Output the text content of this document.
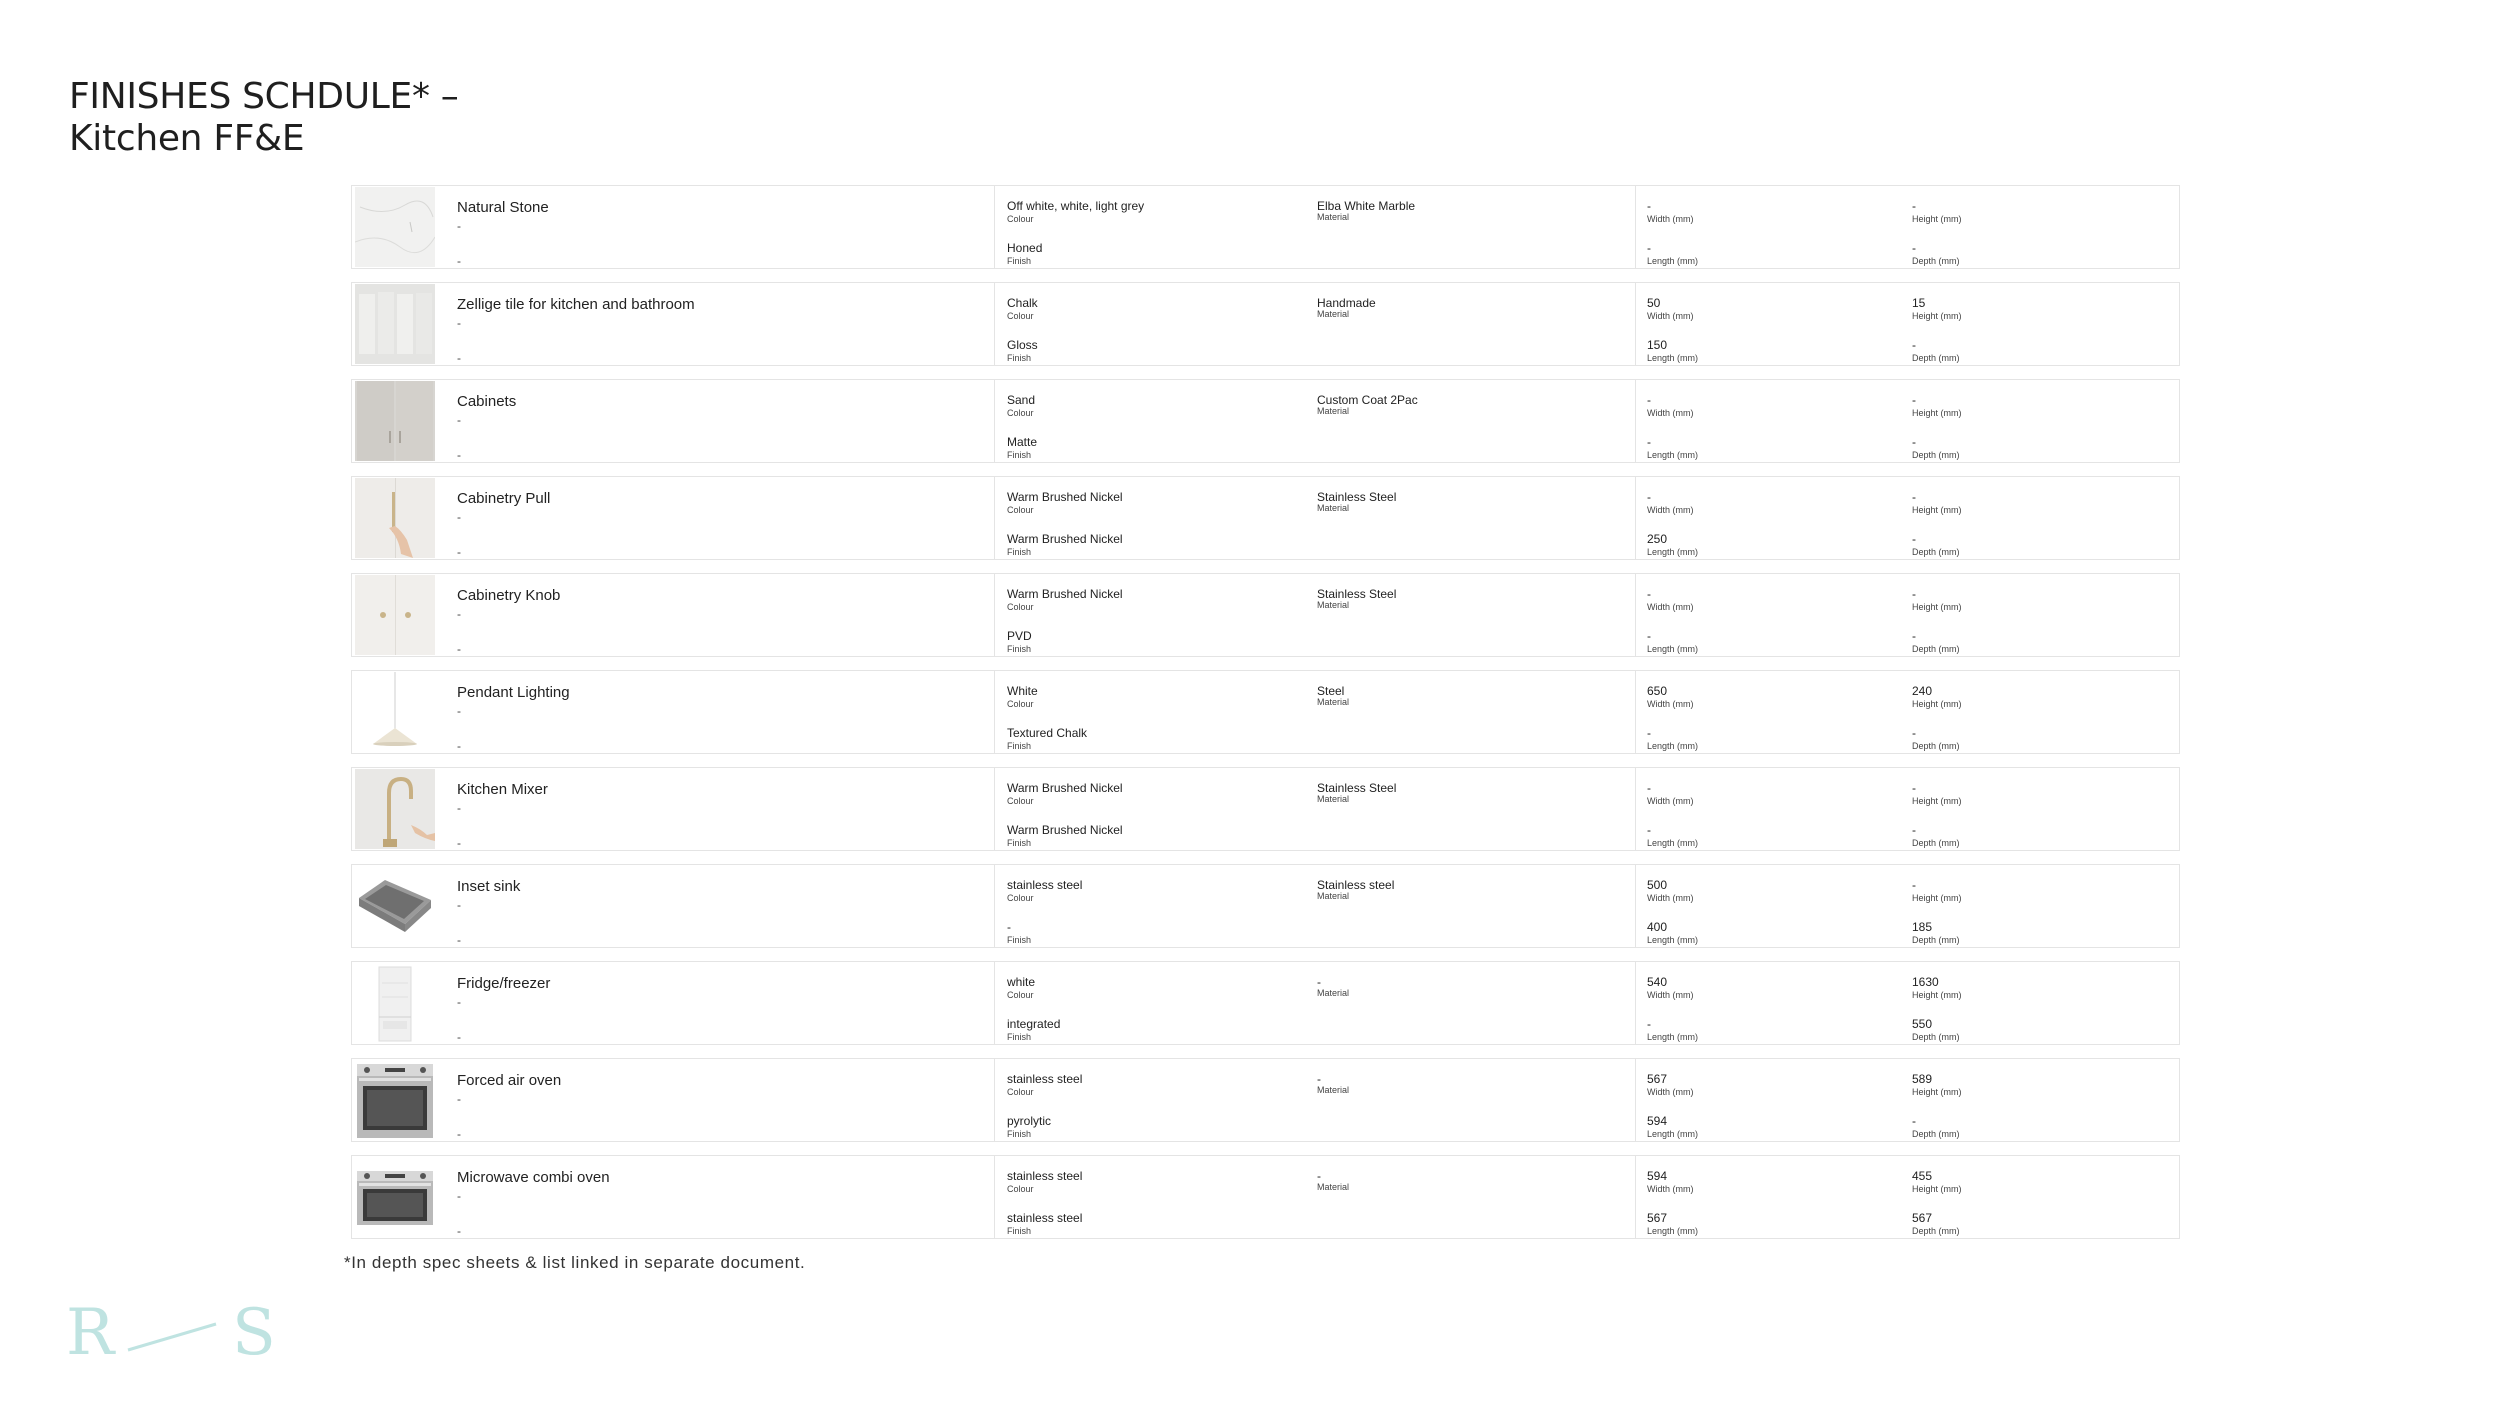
FINISHES SCHDULE* –
Kitchen FF&E
Natural Stone
-
-
Off white, white, light grey
Colour
Honed
Finish
Elba White Marble
Material
-
Width (mm)
-
Length (mm)
-
Height (mm)
-
Depth (mm)
Zellige tile for kitchen and bathroom
-
-
Chalk
Colour
Gloss
Finish
Handmade
Material
50
Width (mm)
150
Length (mm)
15
Height (mm)
-
Depth (mm)
Cabinets
-
-
Sand
Colour
Matte
Finish
Custom Coat 2Pac
Material
-
Width (mm)
-
Length (mm)
-
Height (mm)
-
Depth (mm)
Cabinetry Pull
-
-
Warm Brushed Nickel
Colour
Warm Brushed Nickel
Finish
Stainless Steel
Material
-
Width (mm)
250
Length (mm)
-
Height (mm)
-
Depth (mm)
Cabinetry Knob
-
-
Warm Brushed Nickel
Colour
PVD
Finish
Stainless Steel
Material
-
Width (mm)
-
Length (mm)
-
Height (mm)
-
Depth (mm)
Pendant Lighting
-
-
White
Colour
Textured Chalk
Finish
Steel
Material
650
Width (mm)
-
Length (mm)
240
Height (mm)
-
Depth (mm)
Kitchen Mixer
-
-
Warm Brushed Nickel
Colour
Warm Brushed Nickel
Finish
Stainless Steel
Material
-
Width (mm)
-
Length (mm)
-
Height (mm)
-
Depth (mm)
Inset sink
-
-
stainless steel
Colour
-
Finish
Stainless steel
Material
500
Width (mm)
400
Length (mm)
-
Height (mm)
185
Depth (mm)
Fridge/freezer
-
-
white
Colour
integrated
Finish
-
Material
540
Width (mm)
-
Length (mm)
1630
Height (mm)
550
Depth (mm)
Forced air oven
-
-
stainless steel
Colour
pyrolytic
Finish
-
Material
567
Width (mm)
594
Length (mm)
589
Height (mm)
-
Depth (mm)
Microwave combi oven
-
-
stainless steel
Colour
stainless steel
Finish
-
Material
594
Width (mm)
567
Length (mm)
455
Height (mm)
567
Depth (mm)
*In depth spec sheets & list linked in separate document.
R S
